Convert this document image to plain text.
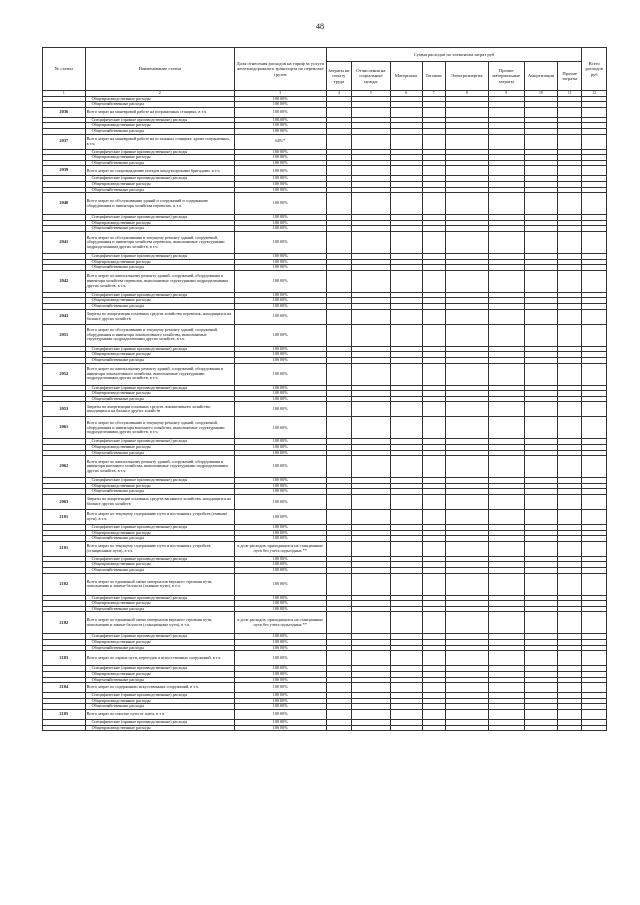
48
№ статьи	Наименование статьи	Доля отнесения расходов на тариф за услуги железнодорожного транспорта по перевозке грузов	Сумма расходов по элементам затрат руб								Всего расходов руб
			Затраты на оплату труда	Отчисления на социальные нужды	Материалы	Топливо	Электроэнергия	Прочие материальные затраты	Амортизация	Прочие затраты	
1	2	3	4	5	6	7	8	9	10	11	12
	Общепроизводственные расходы	100 00%									
	Общехозяйственные расходы	100 00%									
2036	Всего затрат на маневровой работе на пограничных станциях, в т.ч.	100 00%									
	Специфические (прямые производственные) расходы	100,00%									
	Общепроизводственные расходы	100 00%									
	Общехозяйственные расходы	100 00%									
2037	Всего затрат на маневровой работе на остальных станциях, кроме пограничных, в т.ч.	64%*									
	Специфические (прямые производственные) расходы	100 00%									
	Общепроизводственные расходы	100 00%									
	Общехозяйственные расходы	100 00%									
2039	Всего затрат по сопровождению поездов кондукторскими бригадами, в т.ч.	100 00%									
	Специфические (прямые производственные) расходы	100 00%									
	Общепроизводственные расходы	100 00%									
	Общехозяйственные расходы	100 00%									
2040	Всего затрат по обслуживанию зданий и сооружений и содержанию оборудования и инвентаря хозяйства перевозок, в т.ч.	100 00%									
	Специфические (прямые производственные) расходы	100 00%									
	Общепроизводственные расходы	100 00%									
	Общехозяйственные расходы	100 00%									
2041	Всего затрат по обслуживанию и текущему ремонту зданий, сооружений, оборудования и инвентаря хозяйства перевозок, выполняемые структурными подразделениями других хозяйств, в т.ч.	100 00%									
	Специфические (прямые производственные) расходы	100 00%									
	Общепроизводственные расходы	100 00%									
	Общехозяйственные расходы	100 00%									
2042	Всего затрат по капитальному ремонту зданий, сооружений, оборудования и инвентаря хозяйства перевозок, выполняемые структурными подразделениями других хозяйств, в т.ч.	100 00%									
	Специфические (прямые производственные) расходы	100 00%									
	Общепроизводственные расходы	100 00%									
	Общехозяйственные расходы	100 00%									
2043	Затраты по амортизации основных средств хозяйства перевозок, находящихся на балансе других хозяйств	100 00%									
2051	Всего затрат по обслуживанию и текущему ремонту зданий, сооружений, оборудования и инвентаря локомотивного хозяйства, выполняемые структурными подразделениями других хозяйств, в т.ч.	100 00%									
	Специфические (прямые производственные) расходы	100 00%									
	Общепроизводственные расходы	100 00%									
	Общехозяйственные расходы	100 00%									
2052	Всего затрат по капитальному ремонту зданий, сооружений, оборудования и инвентаря локомотивного хозяйства, выполняемые структурными подразделениями других хозяйств, в т.ч.	100 00%									
	Специфические (прямые производственные) расходы	100 00%									
	Общепроизводственные расходы	100 00%									
	Общехозяйственные расходы	100 00%									
2053	Затраты по амортизации основных средств локомотивного хозяйства, находящихся на балансе других хозяйств	100 00%									
2061	Всего затрат по обслуживанию и текущему ремонту зданий, сооружений, оборудования и инвентаря вагонного хозяйства, выполняемые структурными подразделениями других хозяйств, в т.ч.	100 00%									
	Специфические (прямые производственные) расходы	100 00%									
	Общепроизводственные расходы	100 00%									
	Общехозяйственные расходы	100 00%									
2062	Всего затрат по капитальному ремонту зданий, сооружений, оборудования и инвентаря вагонного хозяйства, выполняемые структурными подразделениями других хозяйств, в т.ч.	100 00%									
	Специфические (прямые производственные) расходы	100 00%									
	Общепроизводственные расходы	100 00%									
	Общехозяйственные расходы	100 00%									
2063	Затраты по амортизации основных средств вагонного хозяйства, находящихся на балансе других хозяйств	100 00%									
2101	Всего затрат по текущему содержанию пути и постоянных устройств (главные пути), в т.ч.	100 00%									
	Специфические (прямые производственные) расходы	100 00%									
	Общепроизводственные расходы	100 00%									
	Общехозяйственные расходы	100 00%									
2101	Всего затрат по текущему содержанию пути и постоянных устройств (станционные пути), в т.ч.	в доле расходов, приходящихся на станционные пути без учета подъездных **									
	Специфические (прямые производственные) расходы	100 00%									
	Общепроизводственные расходы	100 00%									
	Общехозяйственные расходы	100 00%									
2102	Всего затрат по единичной смене материалов верхнего строения пути, пополнению и замене балласта (главные пути), в т.ч.	100 00%									
	Специфические (прямые производственные) расходы	100 00%									
	Общепроизводственные расходы	100 00%									
	Общехозяйственные расходы	100 00%									
2102	Всего затрат по единичной смене материалов верхнего строения пути, пополнению и замене балласта (станционные пути), в т.ч.	в доле расходов, приходящихся на станционные пути без учета подъездных **									
	Специфические (прямые производственные) расходы	100 00%									
	Общепроизводственные расходы	100 00%									
	Общехозяйственные расходы	100 00%									
2103	Всего затрат по охране пути, переездов и искусственных сооружений, в т.ч.	100 00%									
	Специфические (прямые производственные) расходы	100 00%									
	Общепроизводственные расходы	100 00%									
	Общехозяйственные расходы	100 00%									
2104	Всего затрат по содержанию искусственных сооружений, в т.ч.	100 00%									
	Специфические (прямые производственные) расходы	100 00%									
	Общепроизводственные расходы	100 00%									
	Общехозяйственные расходы	100 00%									
2105	Всего затрат по очистке пути от снега, в т.ч.	100 00%									
	Специфические (прямые производственные) расходы	100 00%									
	Общепроизводственные расходы	100 00%									
